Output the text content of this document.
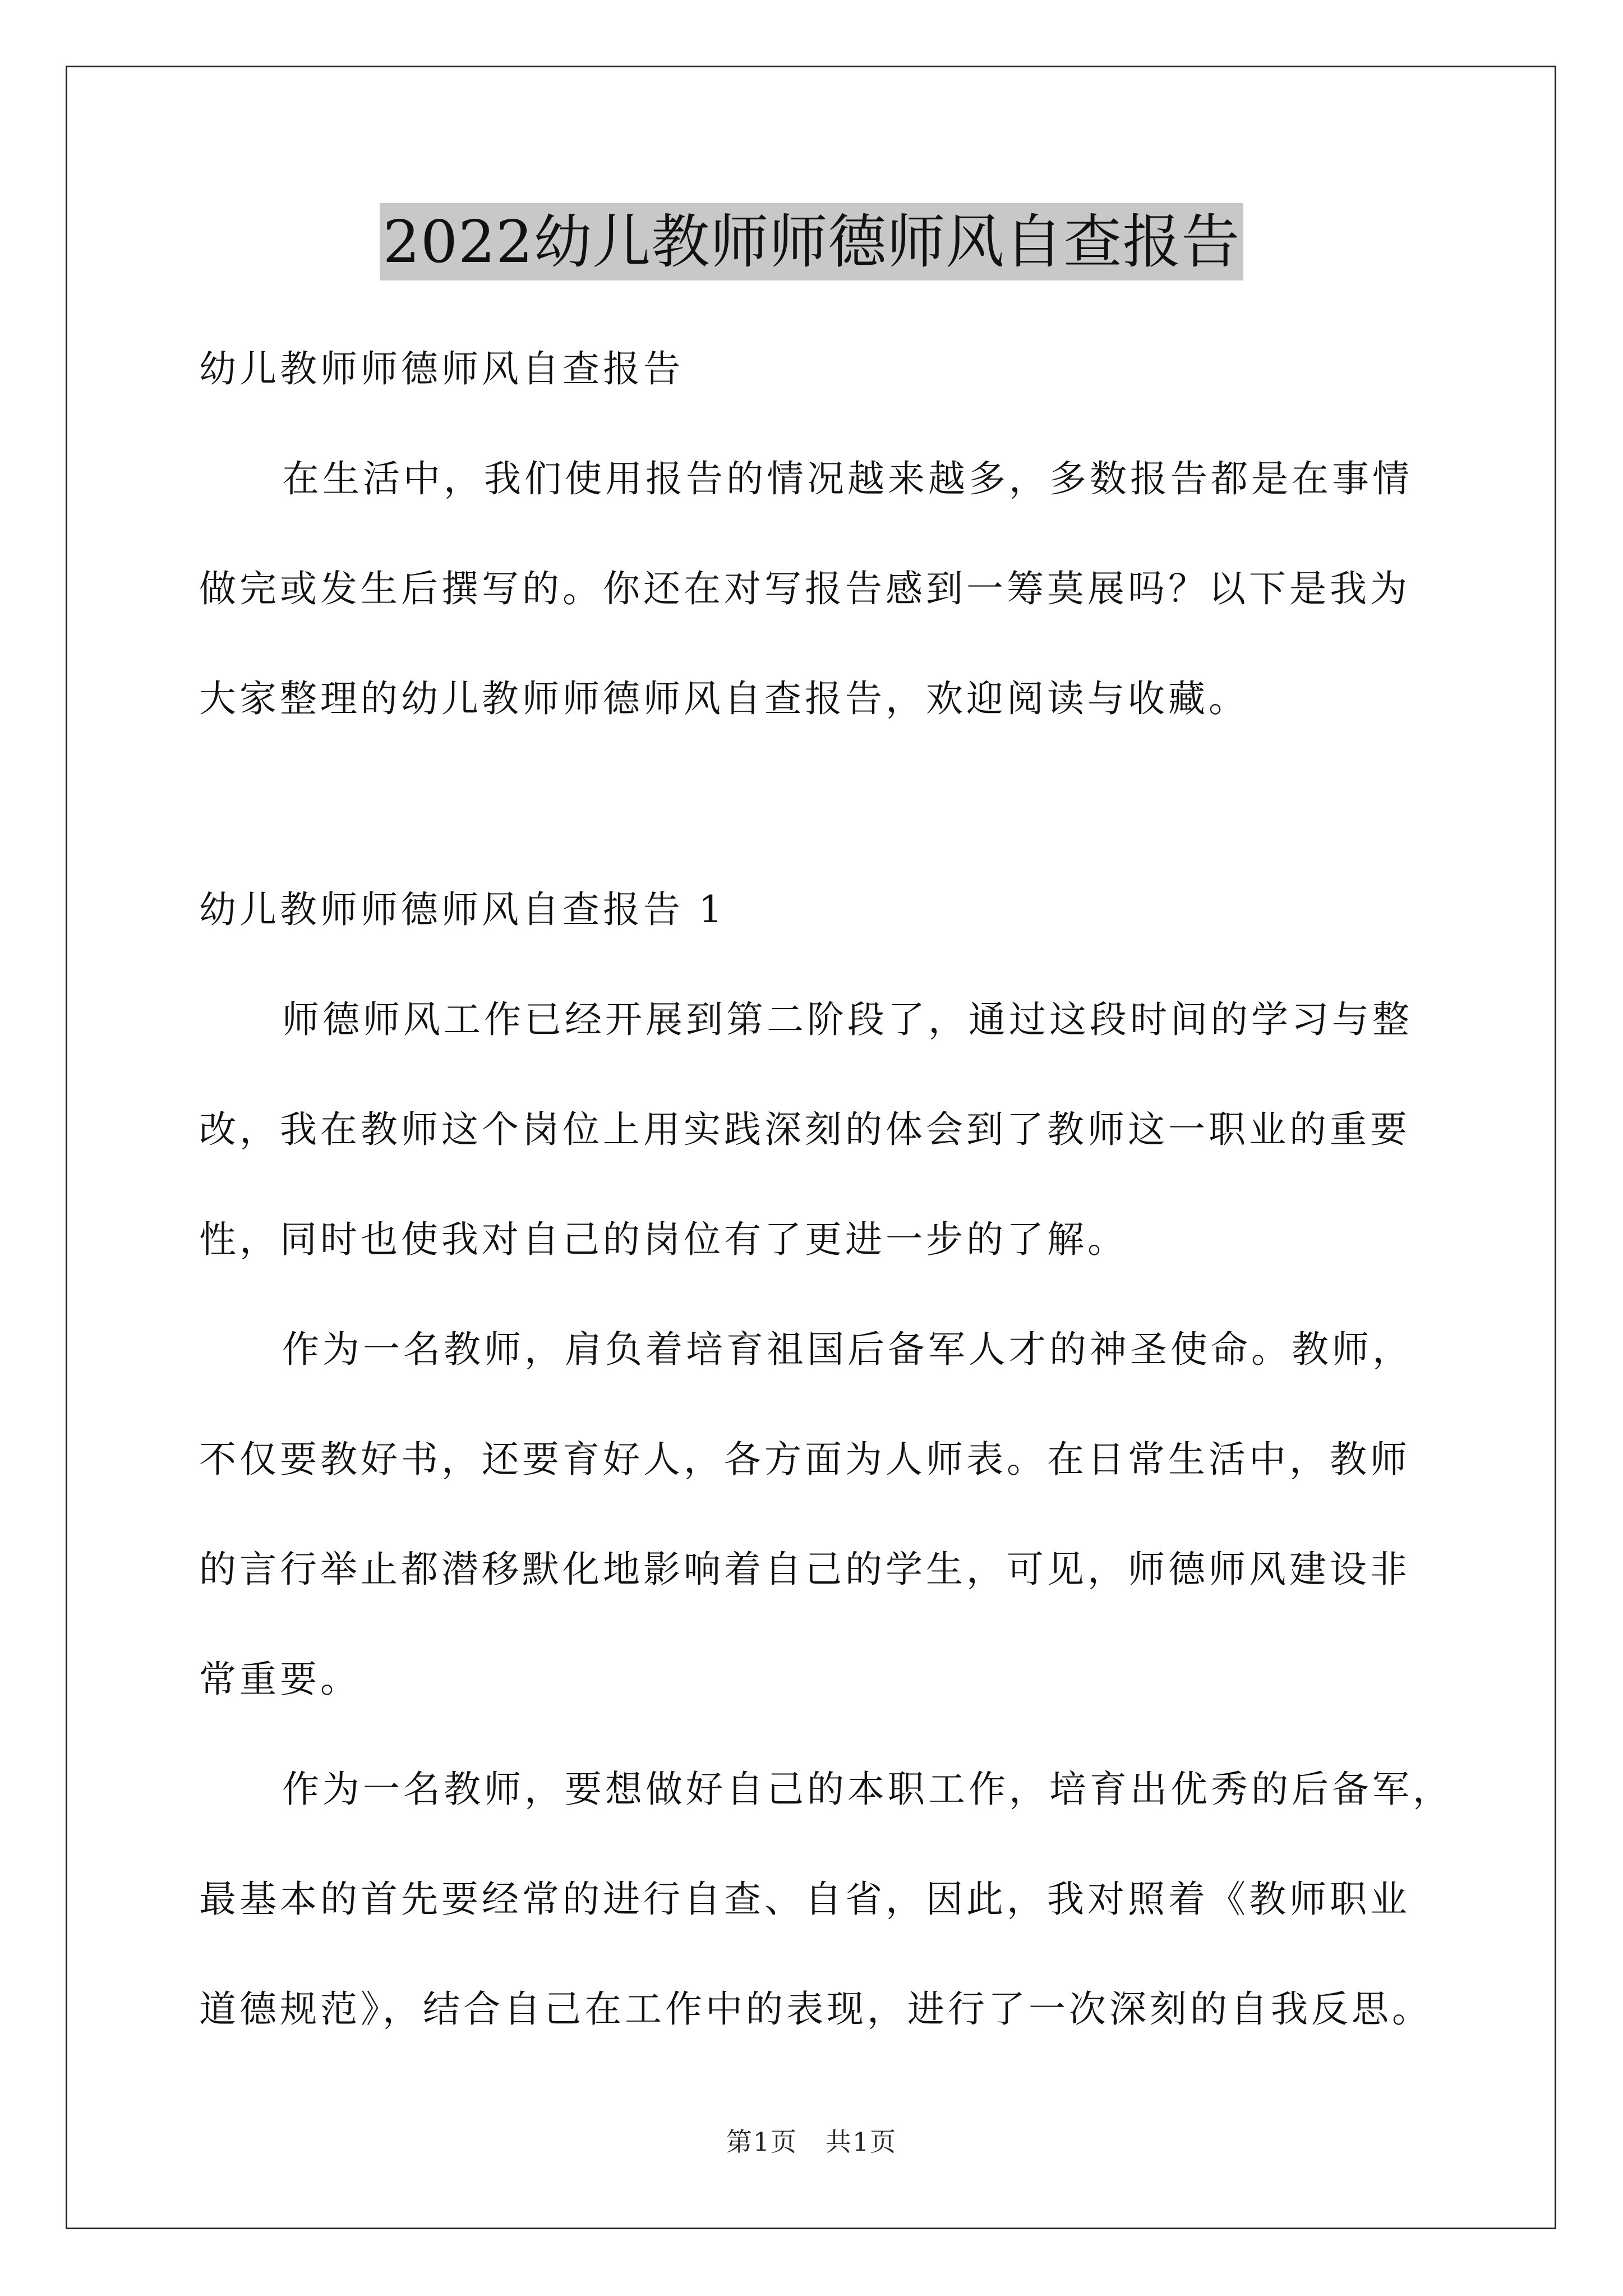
2022幼儿教师师德师风自查报告
幼儿教师师德师风自查报告
在生活中，我们使用报告的情况越来越多，多数报告都是在事情
做完或发生后撰写的。你还在对写报告感到一筹莫展吗？以下是我为
大家整理的幼儿教师师德师风自查报告，欢迎阅读与收藏。
幼儿教师师德师风自查报告 1
师德师风工作已经开展到第二阶段了，通过这段时间的学习与整
改，我在教师这个岗位上用实践深刻的体会到了教师这一职业的重要
性，同时也使我对自己的岗位有了更进一步的了解。
作为一名教师，肩负着培育祖国后备军人才的神圣使命。教师，
不仅要教好书，还要育好人，各方面为人师表。在日常生活中，教师
的言行举止都潜移默化地影响着自己的学生，可见，师德师风建设非
常重要。
作为一名教师，要想做好自己的本职工作，培育出优秀的后备军，
最基本的首先要经常的进行自查、自省，因此，我对照着《教师职业
道德规范》，结合自己在工作中的表现，进行了一次深刻的自我反思。
第1页 共1页
